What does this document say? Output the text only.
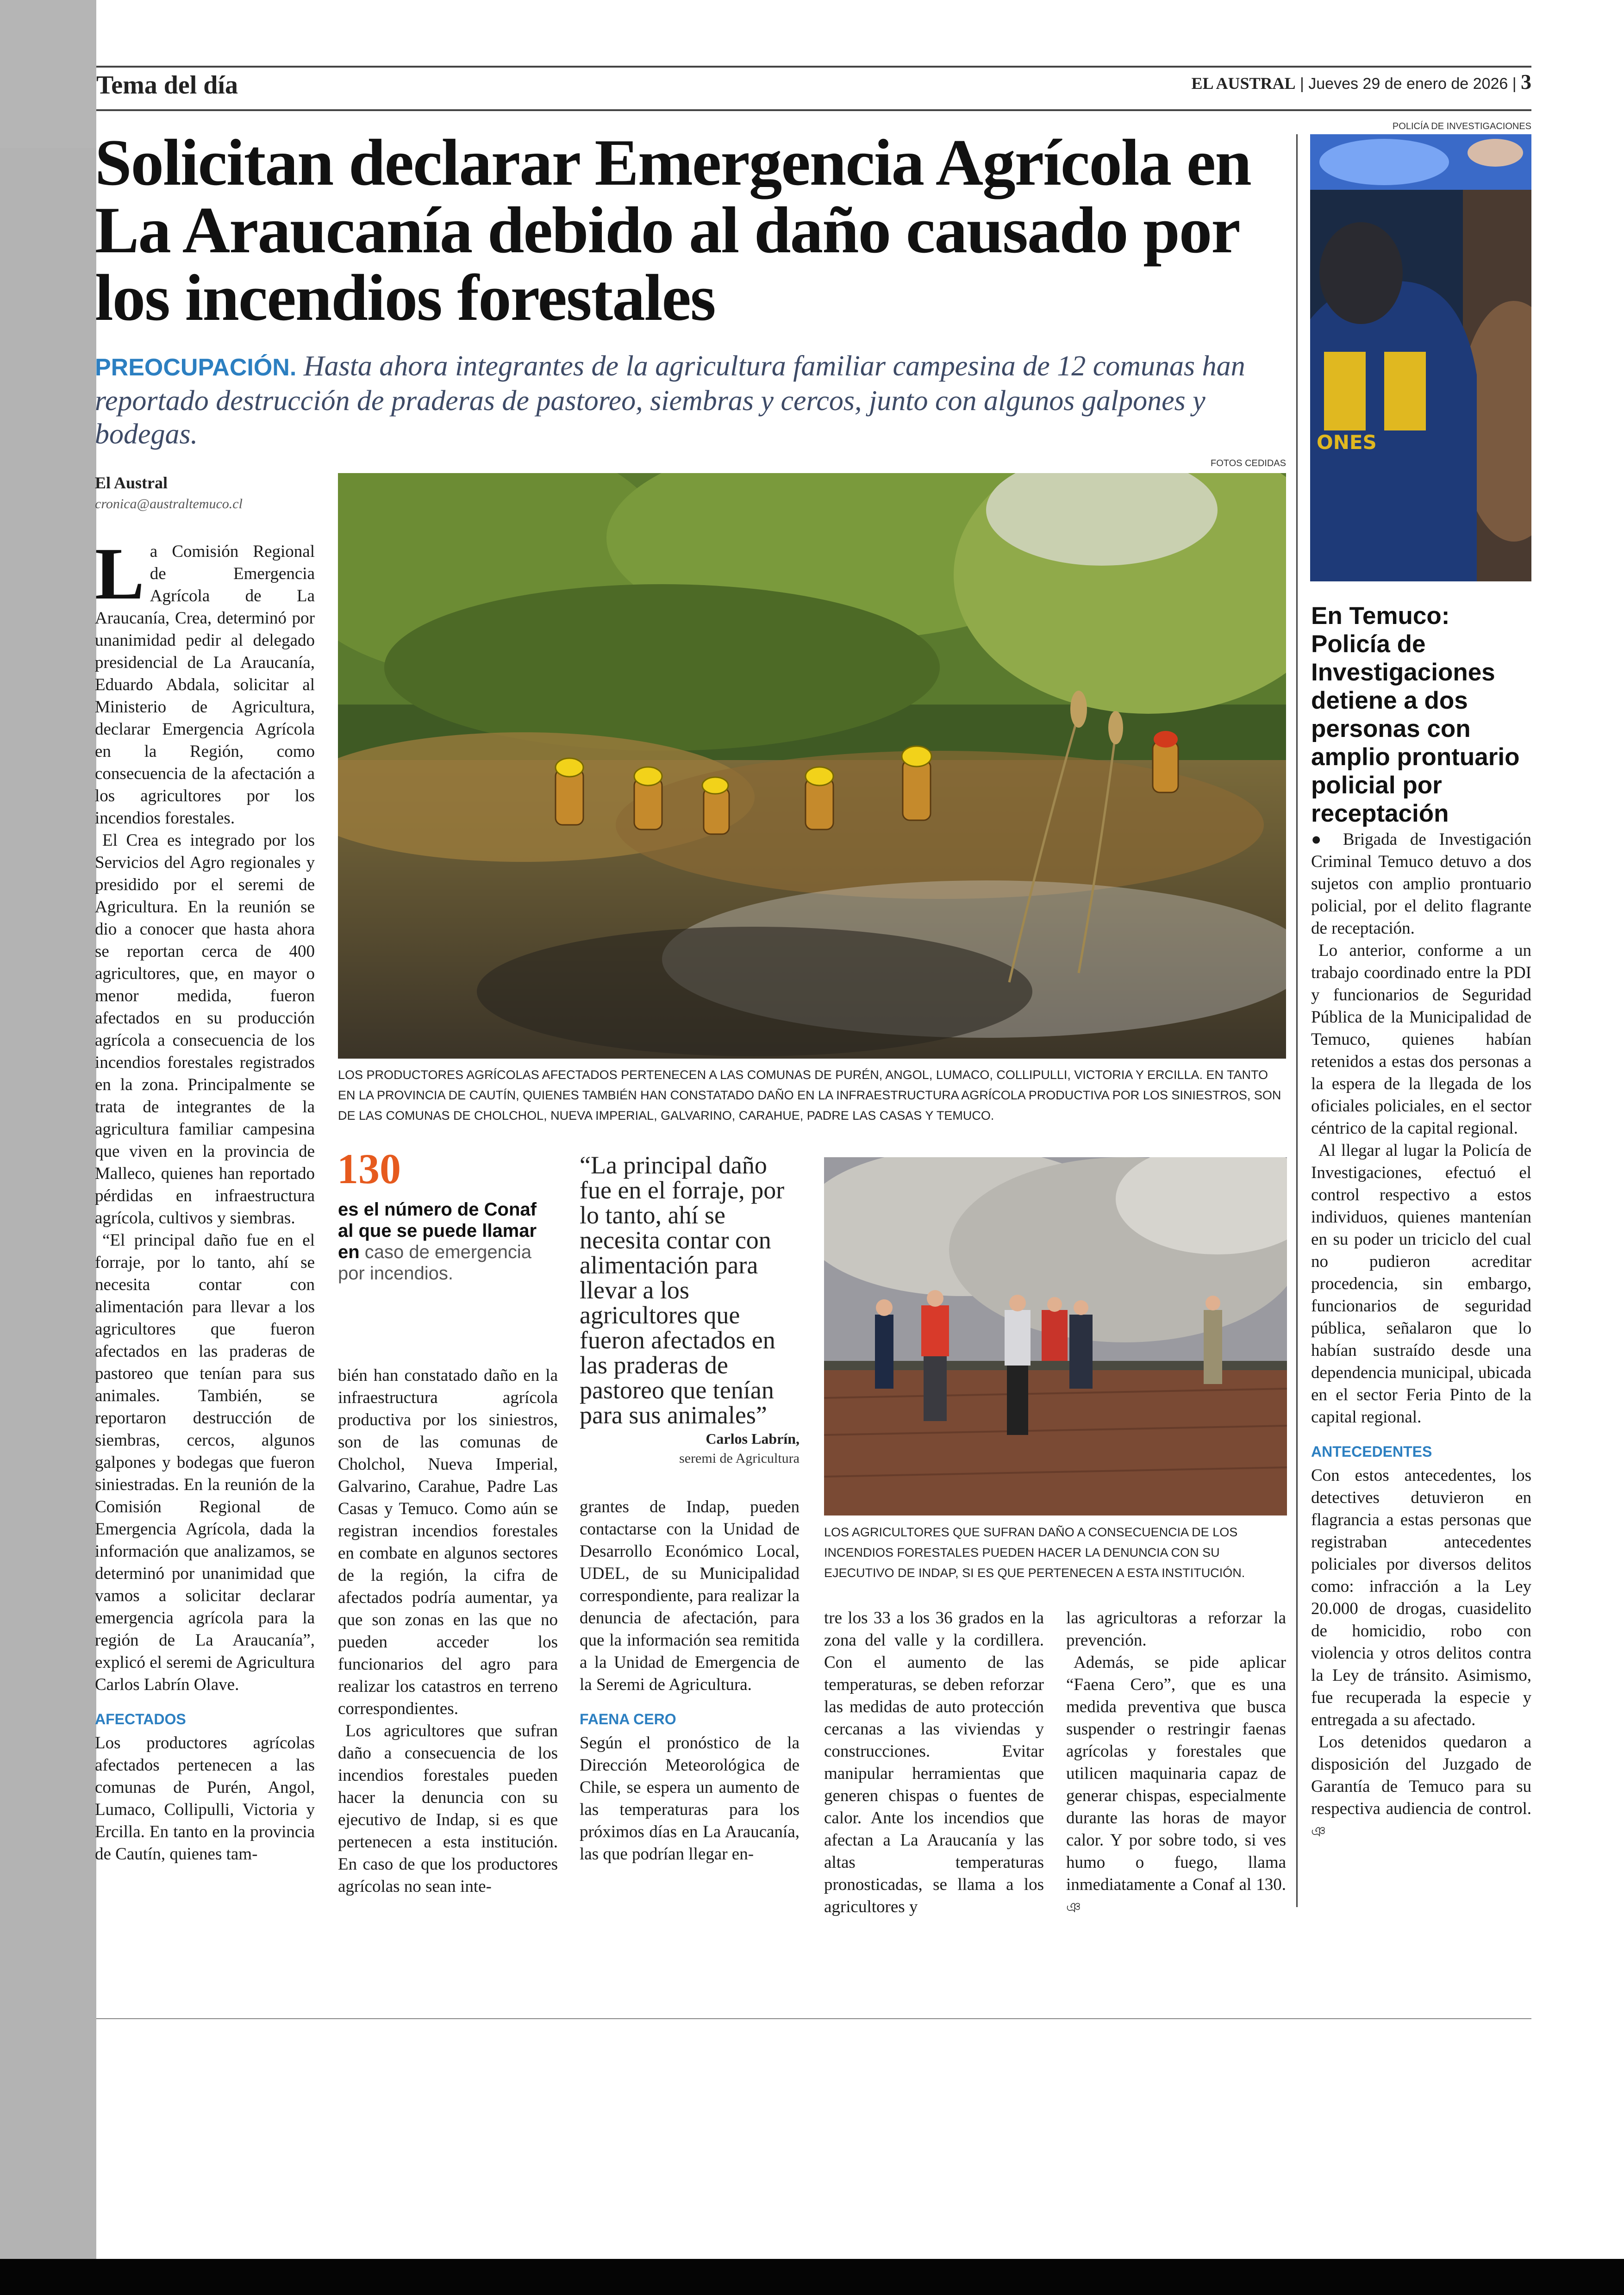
Tema del día	EL AUSTRAL | Jueves 29 de enero de 2026 | 3
Solicitan declarar Emergencia Agrícola en La Araucanía debido al daño causado por los incendios forestales
PREOCUPACIÓN. Hasta ahora integrantes de la agricultura familiar campesina de 12 comunas han reportado destrucción de praderas de pastoreo, siembras y cercos, junto con algunos galpones y bodegas.
FOTOS CEDIDAS
El Austral
cronica@australtemuco.cl

La Comisión Regional de Emergencia Agrícola de La Araucanía, Crea, determinó por unanimidad pedir al delegado presidencial de La Araucanía, Eduardo Abdala, solicitar al Ministerio de Agricultura, declarar Emergencia Agrícola en la Región, como consecuencia de la afectación a los agricultores por los incendios forestales.

El Crea es integrado por los Servicios del Agro regionales y presidido por el seremi de Agricultura. En la reunión se dio a conocer que hasta ahora se reportan cerca de 400 agricultores, que, en mayor o menor medida, fueron afectados en su producción agrícola a consecuencia de los incendios forestales registrados en la zona. Principalmente se trata de integrantes de la agricultura familiar campesina que viven en la provincia de Malleco, quienes han reportado pérdidas en infraestructura agrícola, cultivos y siembras.

“El principal daño fue en el forraje, por lo tanto, ahí se necesita contar con alimentación para llevar a los agricultores que fueron afectados en las praderas de pastoreo que tenían para sus animales. También, se reportaron destrucción de siembras, cercos, algunos galpones y bodegas que fueron siniestradas. En la reunión de la Comisión Regional de Emergencia Agrícola, dada la información que analizamos, se determinó por unanimidad que vamos a solicitar declarar emergencia agrícola para la región de La Araucanía”, explicó el seremi de Agricultura Carlos Labrín Olave.

AFECTADOS

Los productores agrícolas afectados pertenecen a las comunas de Purén, Angol, Lumaco, Collipulli, Victoria y Ercilla. En tanto en la provincia de Cautín, quienes tam-

LOS PRODUCTORES AGRÍCOLAS AFECTADOS PERTENECEN A LAS COMUNAS DE PURÉN, ANGOL, LUMACO, COLLIPULLI, VICTORIA Y ERCILLA. EN TANTO EN LA PROVINCIA DE CAUTÍN, QUIENES TAMBIÉN HAN CONSTATADO DAÑO EN LA INFRAESTRUCTURA AGRÍCOLA PRODUCTIVA POR LOS SINIESTROS, SON DE LAS COMUNAS DE CHOLCHOL, NUEVA IMPERIAL, GALVARINO, CARAHUE, PADRE LAS CASAS Y TEMUCO.
130
es el número de Conaf al que se puede llamar en caso de emergencia por incendios.

bién han constatado daño en la infraestructura agrícola productiva por los siniestros, son de las comunas de Cholchol, Nueva Imperial, Galvarino, Carahue, Padre Las Casas y Temuco. Como aún se registran incendios forestales en combate en algunos sectores de la región, la cifra de afectados podría aumentar, ya que son zonas en las que no pueden acceder los funcionarios del agro para realizar los catastros en terreno correspondientes.

Los agricultores que sufran daño a consecuencia de los incendios forestales pueden hacer la denuncia con su ejecutivo de Indap, si es que pertenecen a esta institución. En caso de que los productores agrícolas no sean inte-

“La principal daño fue en el forraje, por lo tanto, ahí se necesita contar con alimentación para llevar a los agricultores que fueron afectados en las praderas de pastoreo que tenían para sus animales”
Carlos Labrín,
seremi de Agricultura

grantes de Indap, pueden contactarse con la Unidad de Desarrollo Económico Local, UDEL, de su Municipalidad correspondiente, para realizar la denuncia de afectación, para que la información sea remitida a la Unidad de Emergencia de la Seremi de Agricultura.

FAENA CERO

Según el pronóstico de la Dirección Meteorológica de Chile, se espera un aumento de las temperaturas para los próximos días en La Araucanía, las que podrían llegar en-

LOS AGRICULTORES QUE SUFRAN DAÑO A CONSECUENCIA DE LOS INCENDIOS FORESTALES PUEDEN HACER LA DENUNCIA CON SU EJECUTIVO DE INDAP, SI ES QUE PERTENECEN A ESTA INSTITUCIÓN.

tre los 33 a los 36 grados en la zona del valle y la cordillera. Con el aumento de las temperaturas, se deben reforzar las medidas de auto protección cercanas a las viviendas y construcciones. Evitar manipular herramientas que generen chispas o fuentes de calor. Ante los incendios que afectan a La Araucanía y las altas temperaturas pronosticadas, se llama a los agricultores y

las agricultoras a reforzar la prevención.

Además, se pide aplicar “Faena Cero”, que es una medida preventiva que busca suspender o restringir faenas agrícolas y forestales que utilicen maquinaria capaz de generar chispas, especialmente durante las horas de mayor calor. Y por sobre todo, si ves humo o fuego, llama inmediatamente a Conaf al 130. ঞ

POLICÍA DE INVESTIGACIONES
ONES
En Temuco: Policía de Investigaciones detiene a dos personas con amplio prontuario policial por receptación

● Brigada de Investigación Criminal Temuco detuvo a dos sujetos con amplio prontuario policial, por el delito flagrante de receptación.

Lo anterior, conforme a un trabajo coordinado entre la PDI y funcionarios de Seguridad Pública de la Municipalidad de Temuco, quienes habían retenidos a estas dos personas a la espera de la llegada de los oficiales policiales, en el sector céntrico de la capital regional.

Al llegar al lugar la Policía de Investigaciones, efectuó el control respectivo a estos individuos, quienes mantenían en su poder un triciclo del cual no pudieron acreditar procedencia, sin embargo, funcionarios de seguridad pública, señalaron que lo habían sustraído desde una dependencia municipal, ubicada en el sector Feria Pinto de la capital regional.

ANTECEDENTES

Con estos antecedentes, los detectives detuvieron en flagrancia a estas personas que registraban antecedentes policiales por diversos delitos como: infracción a la Ley 20.000 de drogas, cuasidelito de homicidio, robo con violencia y otros delitos contra la Ley de tránsito. Asimismo, fue recuperada la especie y entregada a su afectado.

Los detenidos quedaron a disposición del Juzgado de Garantía de Temuco para su respectiva audiencia de control. ঞ
